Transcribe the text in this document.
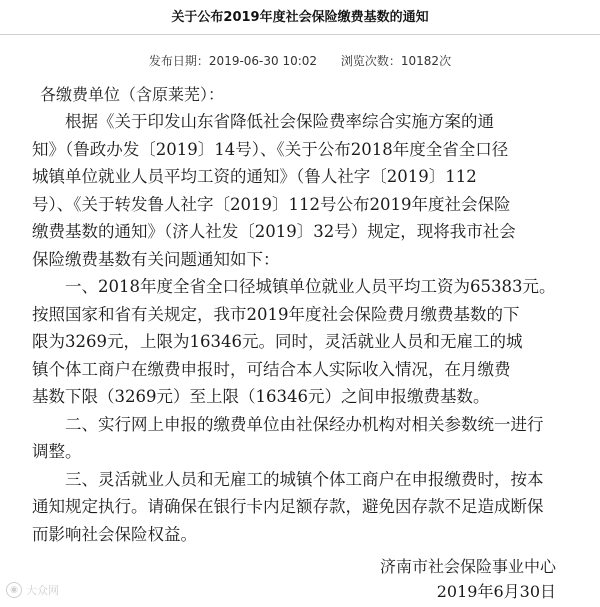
关于公布2019年度社会保险缴费基数的通知
发布日期：2019-06-30 10:02 浏览次数：10182次
各缴费单位（含原莱芜）：
根据《关于印发山东省降低社会保险费率综合实施方案的通
知》（鲁政办发〔2019〕14号）、《关于公布2018年度全省全口径
城镇单位就业人员平均工资的通知》（鲁人社字〔2019〕112
号）、《关于转发鲁人社字〔2019〕112号公布2019年度社会保险
缴费基数的通知》（济人社发〔2019〕32号）规定，现将我市社会
保险缴费基数有关问题通知如下：
一、2018年度全省全口径城镇单位就业人员平均工资为65383元。
按照国家和省有关规定，我市2019年度社会保险费月缴费基数的下
限为3269元，上限为16346元。同时，灵活就业人员和无雇工的城
镇个体工商户在缴费申报时，可结合本人实际收入情况，在月缴费
基数下限（3269元）至上限（16346元）之间申报缴费基数。
二、实行网上申报的缴费单位由社保经办机构对相关参数统一进行
调整。
三、灵活就业人员和无雇工的城镇个体工商户在申报缴费时，按本
通知规定执行。请确保在银行卡内足额存款，避免因存款不足造成断保
而影响社会保险权益。
济南市社会保险事业中心
2019年6月30日
◉ 大众网
